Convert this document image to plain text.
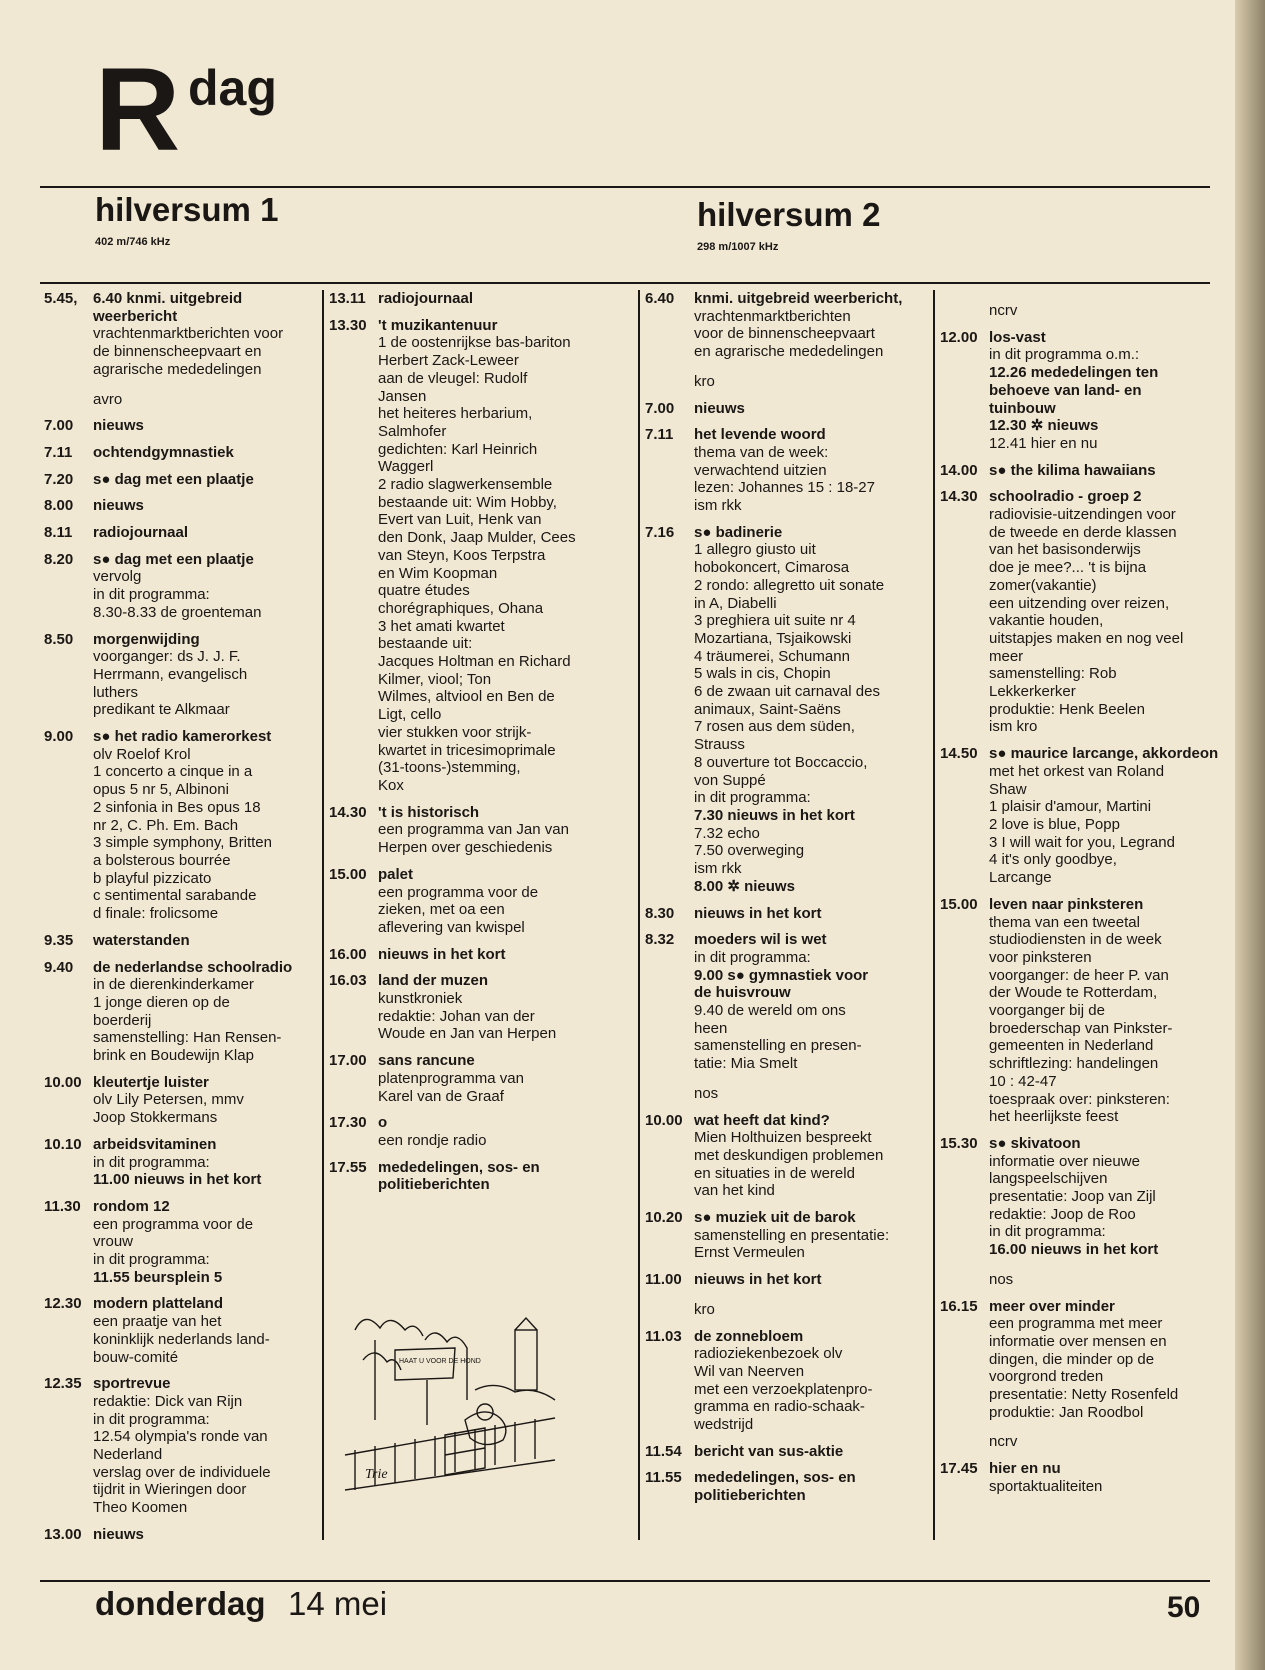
R dag
hilversum 1
402 m/746 kHz
hilversum 2
298 m/1007 kHz
5.45,	6.40 knmi. uitgebreid weerbericht
vrachtenmarktberichten voor
de binnenscheepvaart en
agrarische mededelingen
avro
7.00	nieuws
7.11	ochtendgymnastiek
7.20	s● dag met een plaatje
8.00	nieuws
8.11	radiojournaal
8.20	s● dag met een plaatje
vervolg
in dit programma:
8.30-8.33 de groenteman
8.50	morgenwijding
voorganger: ds J. J. F.
Herrmann, evangelisch
luthers
predikant te Alkmaar
9.00	s● het radio kamerorkest
olv Roelof Krol
1 concerto a cinque in a
opus 5 nr 5, Albinoni
2 sinfonia in Bes opus 18
nr 2, C. Ph. Em. Bach
3 simple symphony, Britten
a bolsterous bourrée
b playful pizzicato
c sentimental sarabande
d finale: frolicsome
9.35	waterstanden
9.40	de nederlandse schoolradio
in de dierenkinderkamer
1 jonge dieren op de
boerderij
samenstelling: Han Rensen-
brink en Boudewijn Klap
10.00 kleutertje luister
olv Lily Petersen, mmv
Joop Stokkermans
10.10 arbeidsvitaminen
in dit programma:
11.00 nieuws in het kort
11.30 rondom 12
een programma voor de
vrouw
in dit programma:
11.55 beursplein 5
12.30 modern platteland
een praatje van het
koninklijk nederlands land-
bouw-comité
12.35 sportrevue
redaktie: Dick van Rijn
in dit programma:
12.54 olympia's ronde van
Nederland
verslag over de individuele
tijdrit in Wieringen door
Theo Koomen
13.00 nieuws
13.11 radiojournaal
13.30 't muzikantenuur
1 de oostenrijkse bas-bariton
Herbert Zack-Leweer
aan de vleugel: Rudolf
Jansen
het heiteres herbarium,
Salmhofer
gedichten: Karl Heinrich
Waggerl
2 radio slagwerkensemble
bestaande uit: Wim Hobby,
Evert van Luit, Henk van
den Donk, Jaap Mulder, Cees
van Steyn, Koos Terpstra
en Wim Koopman
quatre études
chorégraphiques, Ohana
3 het amati kwartet
bestaande uit:
Jacques Holtman en Richard
Kilmer, viool; Ton
Wilmes, altviool en Ben de
Ligt, cello
vier stukken voor strijk-
kwartet in tricesimoprimale
(31-toons-)stemming,
Kox
14.30 't is historisch
een programma van Jan van
Herpen over geschiedenis
15.00 palet
een programma voor de
zieken, met oa een
aflevering van kwispel
16.00 nieuws in het kort
16.03 land der muzen
kunstkroniek
redaktie: Johan van der
Woude en Jan van Herpen
17.00 sans rancune
platenprogramma van
Karel van de Graaf
17.30 o
een rondje radio
17.55 mededelingen, sos- en politieberichten
6.40	knmi. uitgebreid weerbericht,
vrachtenmarktberichten
voor de binnenscheepvaart
en agrarische mededelingen
kro
7.00	nieuws
7.11	het levende woord
thema van de week:
verwachtend uitzien
lezen: Johannes 15 : 18-27
ism rkk
7.16	s● badinerie
1 allegro giusto uit
hobokoncert, Cimarosa
2 rondo: allegretto uit sonate
in A, Diabelli
3 preghiera uit suite nr 4
Mozartiana, Tsjaikowski
4 träumerei, Schumann
5 wals in cis, Chopin
6 de zwaan uit carnaval des
animaux, Saint-Saëns
7 rosen aus dem süden,
Strauss
8 ouverture tot Boccaccio,
von Suppé
in dit programma:
7.30 nieuws in het kort
7.32 echo
7.50 overweging
ism rkk
8.00 ✲ nieuws
8.30	nieuws in het kort
8.32	moeders wil is wet
in dit programma:
9.00 s● gymnastiek voor
de huisvrouw
9.40 de wereld om ons
heen
samenstelling en presen-
tatie: Mia Smelt
nos
10.00 wat heeft dat kind?
Mien Holthuizen bespreekt
met deskundigen problemen
en situaties in de wereld
van het kind
10.20 s● muziek uit de barok
samenstelling en presentatie:
Ernst Vermeulen
11.00 nieuws in het kort
kro
11.03 de zonnebloem
radioziekenbezoek olv
Wil van Neerven
met een verzoekplatenpro-
gramma en radio-schaak-
wedstrijd
11.54 bericht van sus-aktie
11.55 mededelingen, sos- en politieberichten
ncrv
12.00 los-vast
in dit programma o.m.:
12.26 mededelingen ten
behoeve van land- en
tuinbouw
12.30 ✲ nieuws
12.41 hier en nu
14.00 s● the kilima hawaiians
14.30 schoolradio - groep 2
radiovisie-uitzendingen voor
de tweede en derde klassen
van het basisonderwijs
doe je mee?... 't is bijna
zomer(vakantie)
een uitzending over reizen,
vakantie houden,
uitstapjes maken en nog veel
meer
samenstelling: Rob
Lekkerkerker
produktie: Henk Beelen
ism kro
14.50 s● maurice larcange, akkordeon
met het orkest van Roland
Shaw
1 plaisir d'amour, Martini
2 love is blue, Popp
3 I will wait for you, Legrand
4 it's only goodbye,
Larcange
15.00 leven naar pinksteren
thema van een tweetal
studiodiensten in de week
voor pinksteren
voorganger: de heer P. van
der Woude te Rotterdam,
voorganger bij de
broederschap van Pinkster-
gemeenten in Nederland
schriftlezing: handelingen
10 : 42-47
toespraak over: pinksteren:
het heerlijkste feest
15.30 s● skivatoon
informatie over nieuwe
langspeelschijven
presentatie: Joop van Zijl
redaktie: Joop de Roo
in dit programma:
16.00 nieuws in het kort
nos
16.15 meer over minder
een programma met meer
informatie over mensen en
dingen, die minder op de
voorgrond treden
presentatie: Netty Rosenfeld
produktie: Jan Roodbol
ncrv
17.45 hier en nu
sportaktualiteiten
HAAT U VOOR DE HOND
Trie
donderdag 14 mei	50
